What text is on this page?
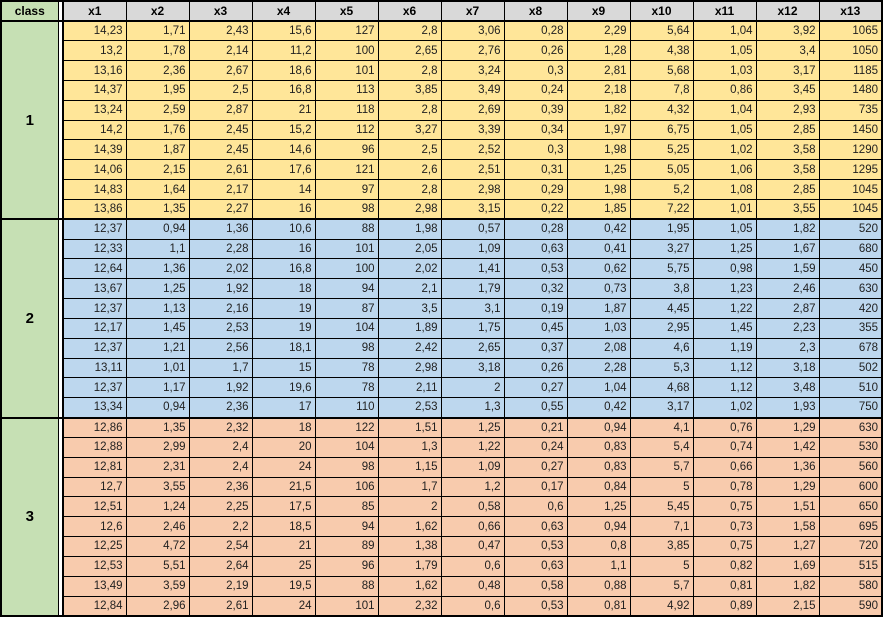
class		x1	x2	x3	x4	x5	x6	x7	x8	x9	x10	x11	x12	x13
1		14,23	1,71	2,43	15,6	127	2,8	3,06	0,28	2,29	5,64	1,04	3,92	1065
		13,2	1,78	2,14	11,2	100	2,65	2,76	0,26	1,28	4,38	1,05	3,4	1050
		13,16	2,36	2,67	18,6	101	2,8	3,24	0,3	2,81	5,68	1,03	3,17	1185
		14,37	1,95	2,5	16,8	113	3,85	3,49	0,24	2,18	7,8	0,86	3,45	1480
		13,24	2,59	2,87	21	118	2,8	2,69	0,39	1,82	4,32	1,04	2,93	735
		14,2	1,76	2,45	15,2	112	3,27	3,39	0,34	1,97	6,75	1,05	2,85	1450
		14,39	1,87	2,45	14,6	96	2,5	2,52	0,3	1,98	5,25	1,02	3,58	1290
		14,06	2,15	2,61	17,6	121	2,6	2,51	0,31	1,25	5,05	1,06	3,58	1295
		14,83	1,64	2,17	14	97	2,8	2,98	0,29	1,98	5,2	1,08	2,85	1045
		13,86	1,35	2,27	16	98	2,98	3,15	0,22	1,85	7,22	1,01	3,55	1045
2		12,37	0,94	1,36	10,6	88	1,98	0,57	0,28	0,42	1,95	1,05	1,82	520
		12,33	1,1	2,28	16	101	2,05	1,09	0,63	0,41	3,27	1,25	1,67	680
		12,64	1,36	2,02	16,8	100	2,02	1,41	0,53	0,62	5,75	0,98	1,59	450
		13,67	1,25	1,92	18	94	2,1	1,79	0,32	0,73	3,8	1,23	2,46	630
		12,37	1,13	2,16	19	87	3,5	3,1	0,19	1,87	4,45	1,22	2,87	420
		12,17	1,45	2,53	19	104	1,89	1,75	0,45	1,03	2,95	1,45	2,23	355
		12,37	1,21	2,56	18,1	98	2,42	2,65	0,37	2,08	4,6	1,19	2,3	678
		13,11	1,01	1,7	15	78	2,98	3,18	0,26	2,28	5,3	1,12	3,18	502
		12,37	1,17	1,92	19,6	78	2,11	2	0,27	1,04	4,68	1,12	3,48	510
		13,34	0,94	2,36	17	110	2,53	1,3	0,55	0,42	3,17	1,02	1,93	750
3		12,86	1,35	2,32	18	122	1,51	1,25	0,21	0,94	4,1	0,76	1,29	630
		12,88	2,99	2,4	20	104	1,3	1,22	0,24	0,83	5,4	0,74	1,42	530
		12,81	2,31	2,4	24	98	1,15	1,09	0,27	0,83	5,7	0,66	1,36	560
		12,7	3,55	2,36	21,5	106	1,7	1,2	0,17	0,84	5	0,78	1,29	600
		12,51	1,24	2,25	17,5	85	2	0,58	0,6	1,25	5,45	0,75	1,51	650
		12,6	2,46	2,2	18,5	94	1,62	0,66	0,63	0,94	7,1	0,73	1,58	695
		12,25	4,72	2,54	21	89	1,38	0,47	0,53	0,8	3,85	0,75	1,27	720
		12,53	5,51	2,64	25	96	1,79	0,6	0,63	1,1	5	0,82	1,69	515
		13,49	3,59	2,19	19,5	88	1,62	0,48	0,58	0,88	5,7	0,81	1,82	580
		12,84	2,96	2,61	24	101	2,32	0,6	0,53	0,81	4,92	0,89	2,15	590
